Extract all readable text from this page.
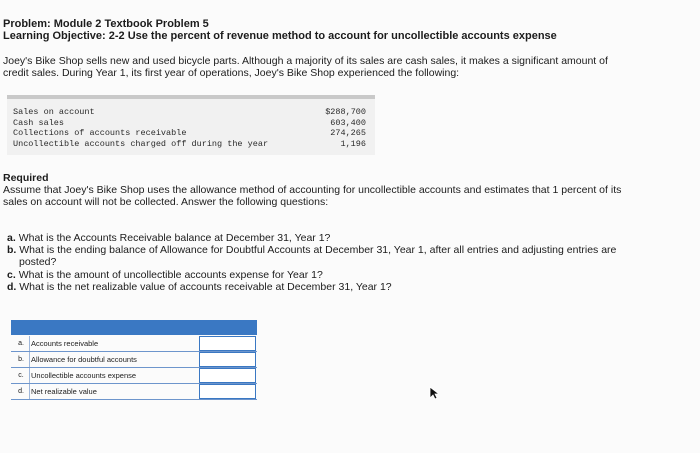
Problem: Module 2 Textbook Problem 5
Learning Objective: 2-2 Use the percent of revenue method to account for uncollectible accounts expense
Joey's Bike Shop sells new and used bicycle parts. Although a majority of its sales are cash sales, it makes a significant amount of
credit sales. During Year 1, its first year of operations, Joey's Bike Shop experienced the following:
Sales on account	$288,700
Cash sales	603,400
Collections of accounts receivable	274,265
Uncollectible accounts charged off during the year	1,196
Required
Assume that Joey's Bike Shop uses the allowance method of accounting for uncollectible accounts and estimates that 1 percent of its
sales on account will not be collected. Answer the following questions:
a. What is the Accounts Receivable balance at December 31, Year 1?
b. What is the ending balance of Allowance for Doubtful Accounts at December 31, Year 1, after all entries and adjusting entries are
posted?
c. What is the amount of uncollectible accounts expense for Year 1?
d. What is the net realizable value of accounts receivable at December 31, Year 1?
a. Accounts receivable
b. Allowance for doubtful accounts
c. Uncollectible accounts expense
d. Net realizable value
